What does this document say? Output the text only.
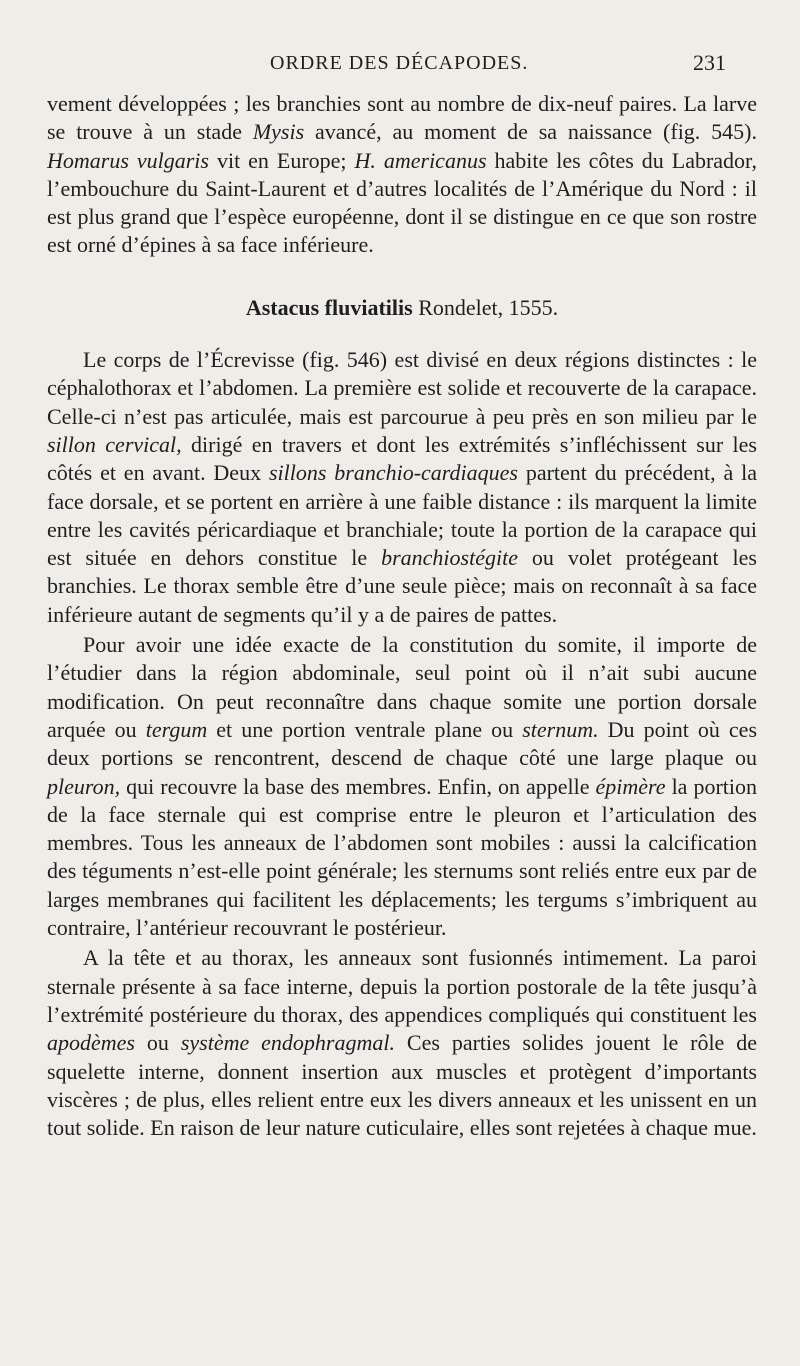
ORDRE DES DÉCAPODES.	231

vement développées ; les branchies sont au nombre de dix-neuf paires. La larve se trouve à un stade Mysis avancé, au moment de sa naissance (fig. 545). Homarus vulgaris vit en Europe; H. americanus habite les côtes du Labrador, l’embouchure du Saint-Laurent et d’autres localités de l’Amérique du Nord : il est plus grand que l’espèce européenne, dont il se distingue en ce que son rostre est orné d’épines à sa face inférieure.

Astacus fluviatilis Rondelet, 1555.

Le corps de l’Écrevisse (fig. 546) est divisé en deux régions distinctes : le céphalothorax et l’abdomen. La première est solide et recouverte de la carapace. Celle-ci n’est pas articulée, mais est parcourue à peu près en son milieu par le sillon cervical, dirigé en travers et dont les extrémités s’infléchissent sur les côtés et en avant. Deux sillons branchio-cardiaques partent du précédent, à la face dorsale, et se portent en arrière à une faible distance : ils marquent la limite entre les cavités péricardiaque et branchiale; toute la portion de la carapace qui est située en dehors constitue le branchiostégite ou volet protégeant les branchies. Le thorax semble être d’une seule pièce; mais on reconnaît à sa face inférieure autant de segments qu’il y a de paires de pattes.

Pour avoir une idée exacte de la constitution du somite, il importe de l’étudier dans la région abdominale, seul point où il n’ait subi aucune modification. On peut reconnaître dans chaque somite une portion dorsale arquée ou tergum et une portion ventrale plane ou sternum. Du point où ces deux portions se rencontrent, descend de chaque côté une large plaque ou pleuron, qui recouvre la base des membres. Enfin, on appelle épimère la portion de la face sternale qui est comprise entre le pleuron et l’articulation des membres. Tous les anneaux de l’abdomen sont mobiles : aussi la calcification des téguments n’est-elle point générale; les sternums sont reliés entre eux par de larges membranes qui facilitent les déplacements; les tergums s’imbriquent au contraire, l’antérieur recouvrant le postérieur.

A la tête et au thorax, les anneaux sont fusionnés intimement. La paroi sternale présente à sa face interne, depuis la portion postorale de la tête jusqu’à l’extrémité postérieure du thorax, des appendices compliqués qui constituent les apodèmes ou système endophragmal. Ces parties solides jouent le rôle de squelette interne, donnent insertion aux muscles et protègent d’importants viscères ; de plus, elles relient entre eux les divers anneaux et les unissent en un tout solide. En raison de leur nature cuticulaire, elles sont rejetées à chaque mue.
